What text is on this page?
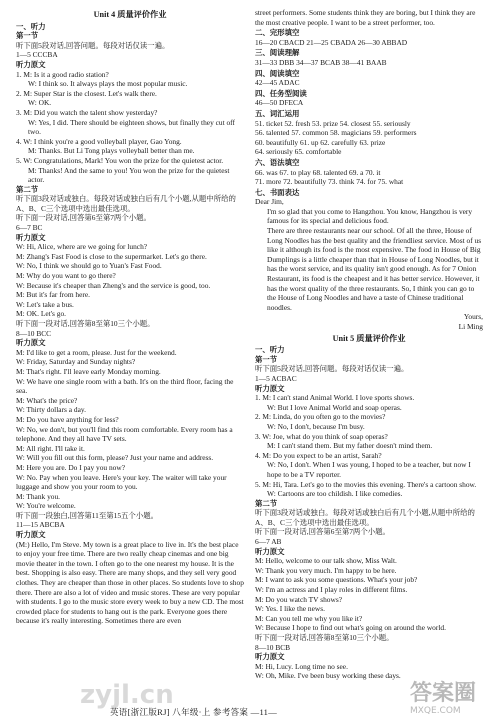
Unit 4 质量评价作业
一、听力
第一节
听下面5段对话,回答问题。每段对话仅读一遍。
1—5 CCCBA
听力原文
1. M: Is it a good radio station?
W: I think so. It always plays the most popular music.
2. M: Super Star is the closest. Let's walk there.
W: OK.
3. M: Did you watch the talent show yesterday?
W: Yes, I did. There should be eighteen shows, but finally they cut off two.
4. W: I think you're a good volleyball player, Gao Yong.
M: Thanks. But Li Tong plays volleyball better than me.
5. W: Congratulations, Mark! You won the prize for the quietest actor.
M: Thanks! And the same to you! You won the prize for the quietest actor.
第二节
听下面3段对话或独白。每段对话或独白后有几个小题,从题中所给的A、B、C三个选项中选出最佳选项。
听下面一段对话,回答第6至第7两个小题。
6—7 BC
听力原文
W: Hi, Alice, where are we going for lunch?
M: Zhang's Fast Food is close to the supermarket. Let's go there.
W: No, I think we should go to Yuan's Fast Food.
M: Why do you want to go there?
W: Because it's cheaper than Zheng's and the service is good, too.
M: But it's far from here.
W: Let's take a bus.
M: OK. Let's go.
听下面一段对话,回答第8至第10三个小题。
8—10 BCC
听力原文
M: I'd like to get a room, please. Just for the weekend.
W: Friday, Saturday and Sunday nights?
M: That's right. I'll leave early Monday morning.
W: We have one single room with a bath. It's on the third floor, facing the sea.
M: What's the price?
W: Thirty dollars a day.
M: Do you have anything for less?
W: No, we don't, but you'll find this room comfortable. Every room has a telephone. And they all have TV sets.
M: All right. I'll take it.
W: Will you fill out this form, please? Just your name and address.
M: Here you are. Do I pay you now?
W: No. Pay when you leave. Here's your key. The waiter will take your luggage and show you your room to you.
M: Thank you.
W: You're welcome.
听下面一段独白,回答第11至第15五个小题。
11—15 ABCBA
听力原文
(M:) Hello, I'm Steve. My town is a great place to live in. It's the best place to enjoy your free time. There are two really cheap cinemas and one big movie theater in the town. I often go to the one nearest my house. It is the best. Shopping is also easy. There are many shops, and they sell very good clothes. They are cheaper than those in other places. So students love to shop there. There are also a lot of video and music stores. These are very popular with students. I go to the music store every week to buy a new CD. The most crowded place for students to hang out is the park. Everyone goes there because it's really interesting. Sometimes there are even
street performers. Some students think they are boring, but I think they are the most creative people. I want to be a street performer, too.
二、完形填空
16—20 CBACD 21—25 CBADA 26—30 ABBAD
三、阅读理解
31—33 DBB 34—37 BCAB 38—41 BAAB
四、阅读填空
42—45 ADAC
四、任务型阅读
46—50 DFECA
五、词汇运用
51. ticket 52. fresh 53. prize 54. closest 55. seriously
56. talented 57. common 58. magicians 59. performers
60. beautifully 61. up 62. carefully 63. prize
64. seriously 65. comfortable
六、语法填空
66. was 67. to play 68. talented 69. a 70. it
71. more 72. beautifully 73. think 74. for 75. what
七、书面表达
Dear Jim,
I'm so glad that you come to Hangzhou. You know, Hangzhou is very famous for its special and delicious food.
There are three restaurants near our school. Of all the three, House of Long Noodles has the best quality and the friendliest service. Most of us like it although its food is the most expensive. The food in House of Big Dumplings is a little cheaper than that in House of Long Noodles, but it has the worst service, and its quality isn't good enough. As for 7 Onion Restaurant, its food is the cheapest and it has better service. However, it has the worst quality of the three restaurants. So, I think you can go to the House of Long Noodles and have a taste of Chinese traditional noodles.
Yours,
Li Ming
Unit 5 质量评价作业
一、听力
第一节
听下面5段对话,回答问题。每段对话仅读一遍。
1—5 ACBAC
听力原文
1. M: I can't stand Animal World. I love sports shows.
W: But I love Animal World and soap operas.
2. M: Linda, do you often go to the movies?
W: No, I don't, because I'm busy.
3. W: Joe, what do you think of soap operas?
M: I can't stand them. But my father doesn't mind them.
4. M: Do you expect to be an artist, Sarah?
W: No, I don't. When I was young, I hoped to be a teacher, but now I hope to be a TV reporter.
5. M: Hi, Tara. Let's go to the movies this evening. There's a cartoon show.
W: Cartoons are too childish. I like comedies.
第二节
听下面3段对话或独白。每段对话或独白后有几个小题,从题中所给的A、B、C三个选项中选出最佳选项。
听下面一段对话,回答第6至第7两个小题。
6—7 AB
听力原文
M: Hello, welcome to our talk show, Miss Walt.
W: Thank you very much. I'm happy to be here.
M: I want to ask you some questions. What's your job?
W: I'm an actress and I play roles in different films.
M: Do you watch TV shows?
W: Yes. I like the news.
M: Can you tell me why you like it?
W: Because I hope to find out what's going on around the world.
听下面一段对话,回答第8至第10三个小题。
8—10 BCB
听力原文
M: Hi, Lucy. Long time no see.
W: Oh, Mike. I've been busy working these days.
zyjl.cn
英语[浙江版RJ] 八年级·上 参考答案 —11—
答案圈
MXQE.COM
